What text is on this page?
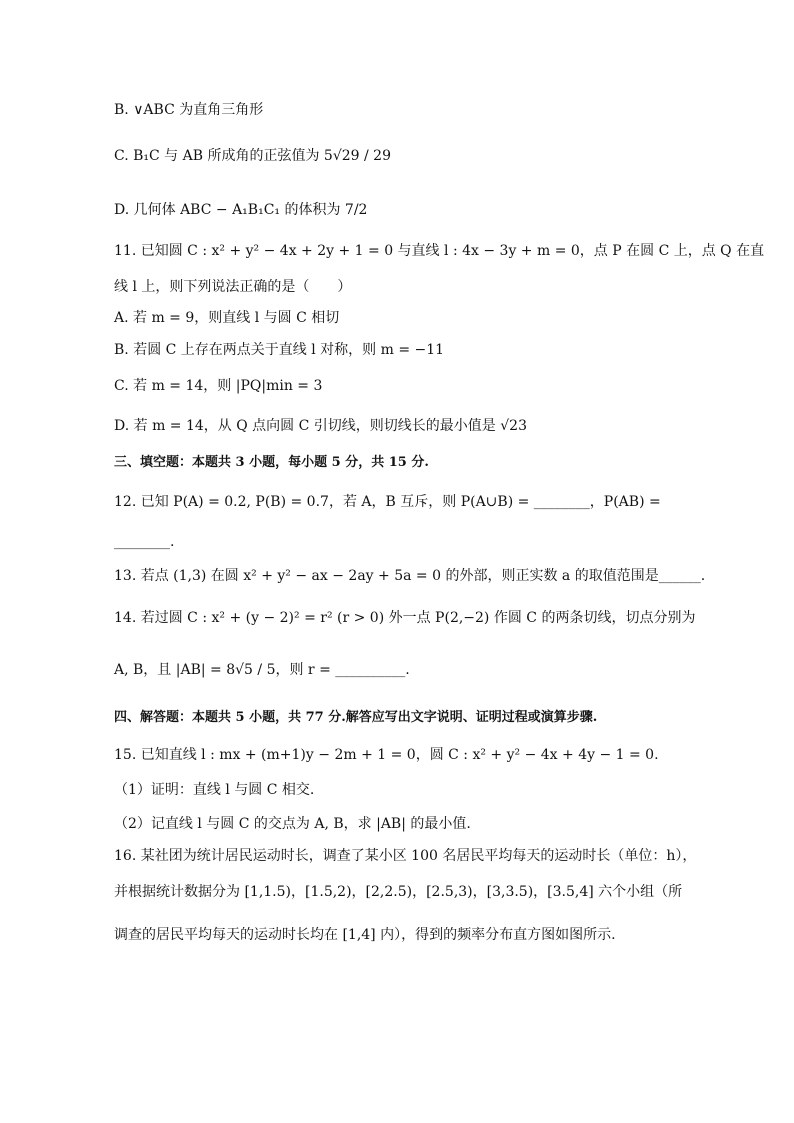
B. ∨ABC 为直角三角形
C. B₁C 与 AB 所成角的正弦值为 5√29 / 29
D. 几何体 ABC − A₁B₁C₁ 的体积为 7/2
11. 已知圆 C : x² + y² − 4x + 2y + 1 = 0 与直线 l : 4x − 3y + m = 0，点 P 在圆 C 上，点 Q 在直
线 l 上，则下列说法正确的是（　　）
A. 若 m = 9，则直线 l 与圆 C 相切
B. 若圆 C 上存在两点关于直线 l 对称，则 m = −11
C. 若 m = 14，则 |PQ|min = 3
D. 若 m = 14，从 Q 点向圆 C 引切线，则切线长的最小值是 √23
三、填空题：本题共 3 小题，每小题 5 分，共 15 分.
12. 已知 P(A) = 0.2, P(B) = 0.7，若 A，B 互斥，则 P(A∪B) = ________，P(AB) =
________.
13. 若点 (1,3) 在圆 x² + y² − ax − 2ay + 5a = 0 的外部，则正实数 a 的取值范围是______.
14. 若过圆 C : x² + (y − 2)² = r² (r > 0) 外一点 P(2,−2) 作圆 C 的两条切线，切点分别为
A, B，且 |AB| = 8√5 / 5，则 r = __________.
四、解答题：本题共 5 小题，共 77 分.解答应写出文字说明、证明过程或演算步骤.
15. 已知直线 l : mx + (m+1)y − 2m + 1 = 0，圆 C : x² + y² − 4x + 4y − 1 = 0.
（1）证明：直线 l 与圆 C 相交.
（2）记直线 l 与圆 C 的交点为 A, B，求 |AB| 的最小值.
16. 某社团为统计居民运动时长，调查了某小区 100 名居民平均每天的运动时长（单位：h），
并根据统计数据分为 [1,1.5)，[1.5,2)，[2,2.5)，[2.5,3)，[3,3.5)，[3.5,4] 六个小组（所
调查的居民平均每天的运动时长均在 [1,4] 内），得到的频率分布直方图如图所示.
